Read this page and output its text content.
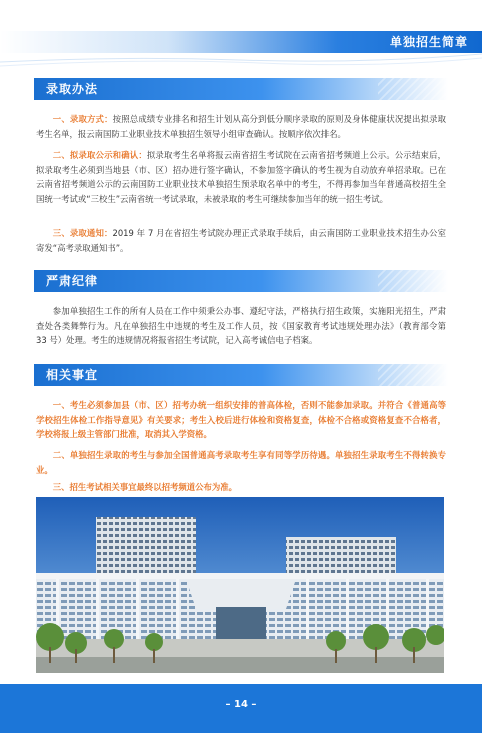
单独招生简章
录取办法

一、录取方式：按照总成绩专业排名和招生计划从高分到低分顺序录取的原则及身体健康状况提出拟录取考生名单，报云南国防工业职业技术单独招生领导小组审查确认。按顺序依次排名。

二、拟录取公示和确认：拟录取考生名单将报云南省招生考试院在云南省招考频道上公示。公示结束后，拟录取考生必须到当地县（市、区）招办进行签字确认，不参加签字确认的考生视为自动放弃单招录取。已在云南省招考频道公示的云南国防工业职业技术单独招生预录取名单中的考生，不得再参加当年普通高校招生全国统一考试或“三校生”云南省统一考试录取，未被录取的考生可继续参加当年的统一招生考试。

三、录取通知：2019 年 7 月在省招生考试院办理正式录取手续后，由云南国防工业职业技术招生办公室寄发“高考录取通知书”。

严肃纪律

参加单独招生工作的所有人员在工作中须秉公办事、遵纪守法，严格执行招生政策，实施阳光招生，严肃查处各类舞弊行为。凡在单独招生中违规的考生及工作人员，按《国家教育考试违规处理办法》（教育部令第 33 号）处理。考生的违规情况将报省招生考试院，记入高考诚信电子档案。

相关事宜

一、考生必须参加县（市、区）招考办统一组织安排的普高体检，否则不能参加录取。并符合《普通高等学校招生体检工作指导意见》有关要求；考生入校后进行体检和资格复查，体检不合格或资格复查不合格者，学校将报上级主管部门批准，取消其入学资格。

二、单独招生录取的考生与参加全国普通高考录取考生享有同等学历待遇。单独招生录取考生不得转换专业。

三、招生考试相关事宜最终以招考频道公布为准。

– 14 –
